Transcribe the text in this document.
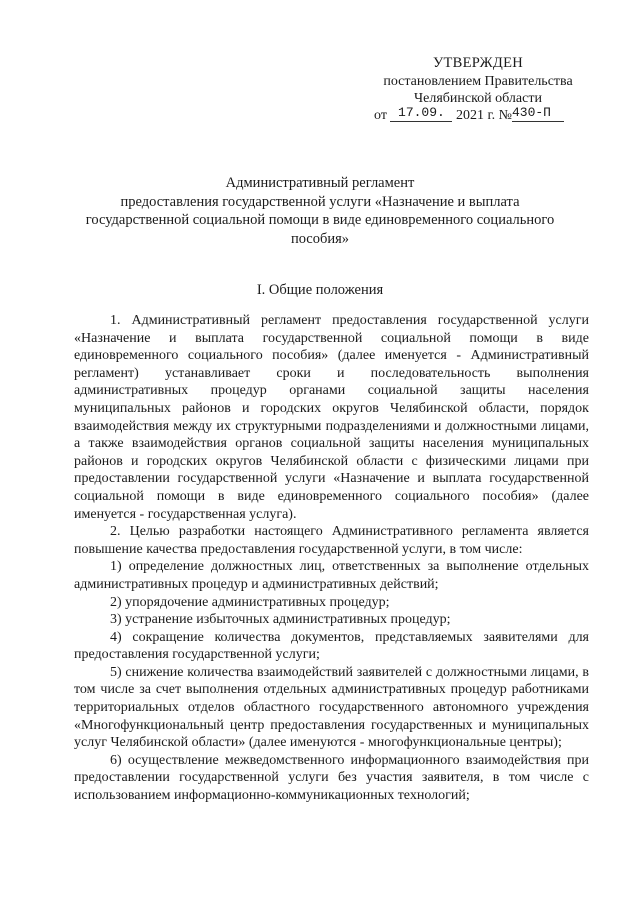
УТВЕРЖДЕН
постановлением Правительства
Челябинской области
от 17.09. 2021 г. №430-П
Административный регламент
предоставления государственной услуги «Назначение и выплата
государственной социальной помощи в виде единовременного социального
пособия»
I. Общие положения

1. Административный регламент предоставления государственной услуги «Назначение и выплата государственной социальной помощи в виде единовременного социального пособия» (далее именуется - Административный регламент) устанавливает сроки и последовательность выполнения административных процедур органами социальной защиты населения муниципальных районов и городских округов Челябинской области, порядок взаимодействия между их структурными подразделениями и должностными лицами, а также взаимодействия органов социальной защиты населения муниципальных районов и городских округов Челябинской области с физическими лицами при предоставлении государственной услуги «Назначение и выплата государственной социальной помощи в виде единовременного социального пособия» (далее именуется - государственная услуга).

2. Целью разработки настоящего Административного регламента является повышение качества предоставления государственной услуги, в том числе:

1) определение должностных лиц, ответственных за выполнение отдельных административных процедур и административных действий;

2) упорядочение административных процедур;

3) устранение избыточных административных процедур;

4) сокращение количества документов, представляемых заявителями для предоставления государственной услуги;

5) снижение количества взаимодействий заявителей с должностными лицами, в том числе за счет выполнения отдельных административных процедур работниками территориальных отделов областного государственного автономного учреждения «Многофункциональный центр предоставления государственных и муниципальных услуг Челябинской области» (далее именуются - многофункциональные центры);

6) осуществление межведомственного информационного взаимодействия при предоставлении государственной услуги без участия заявителя, в том числе с использованием информационно-коммуникационных технологий;
